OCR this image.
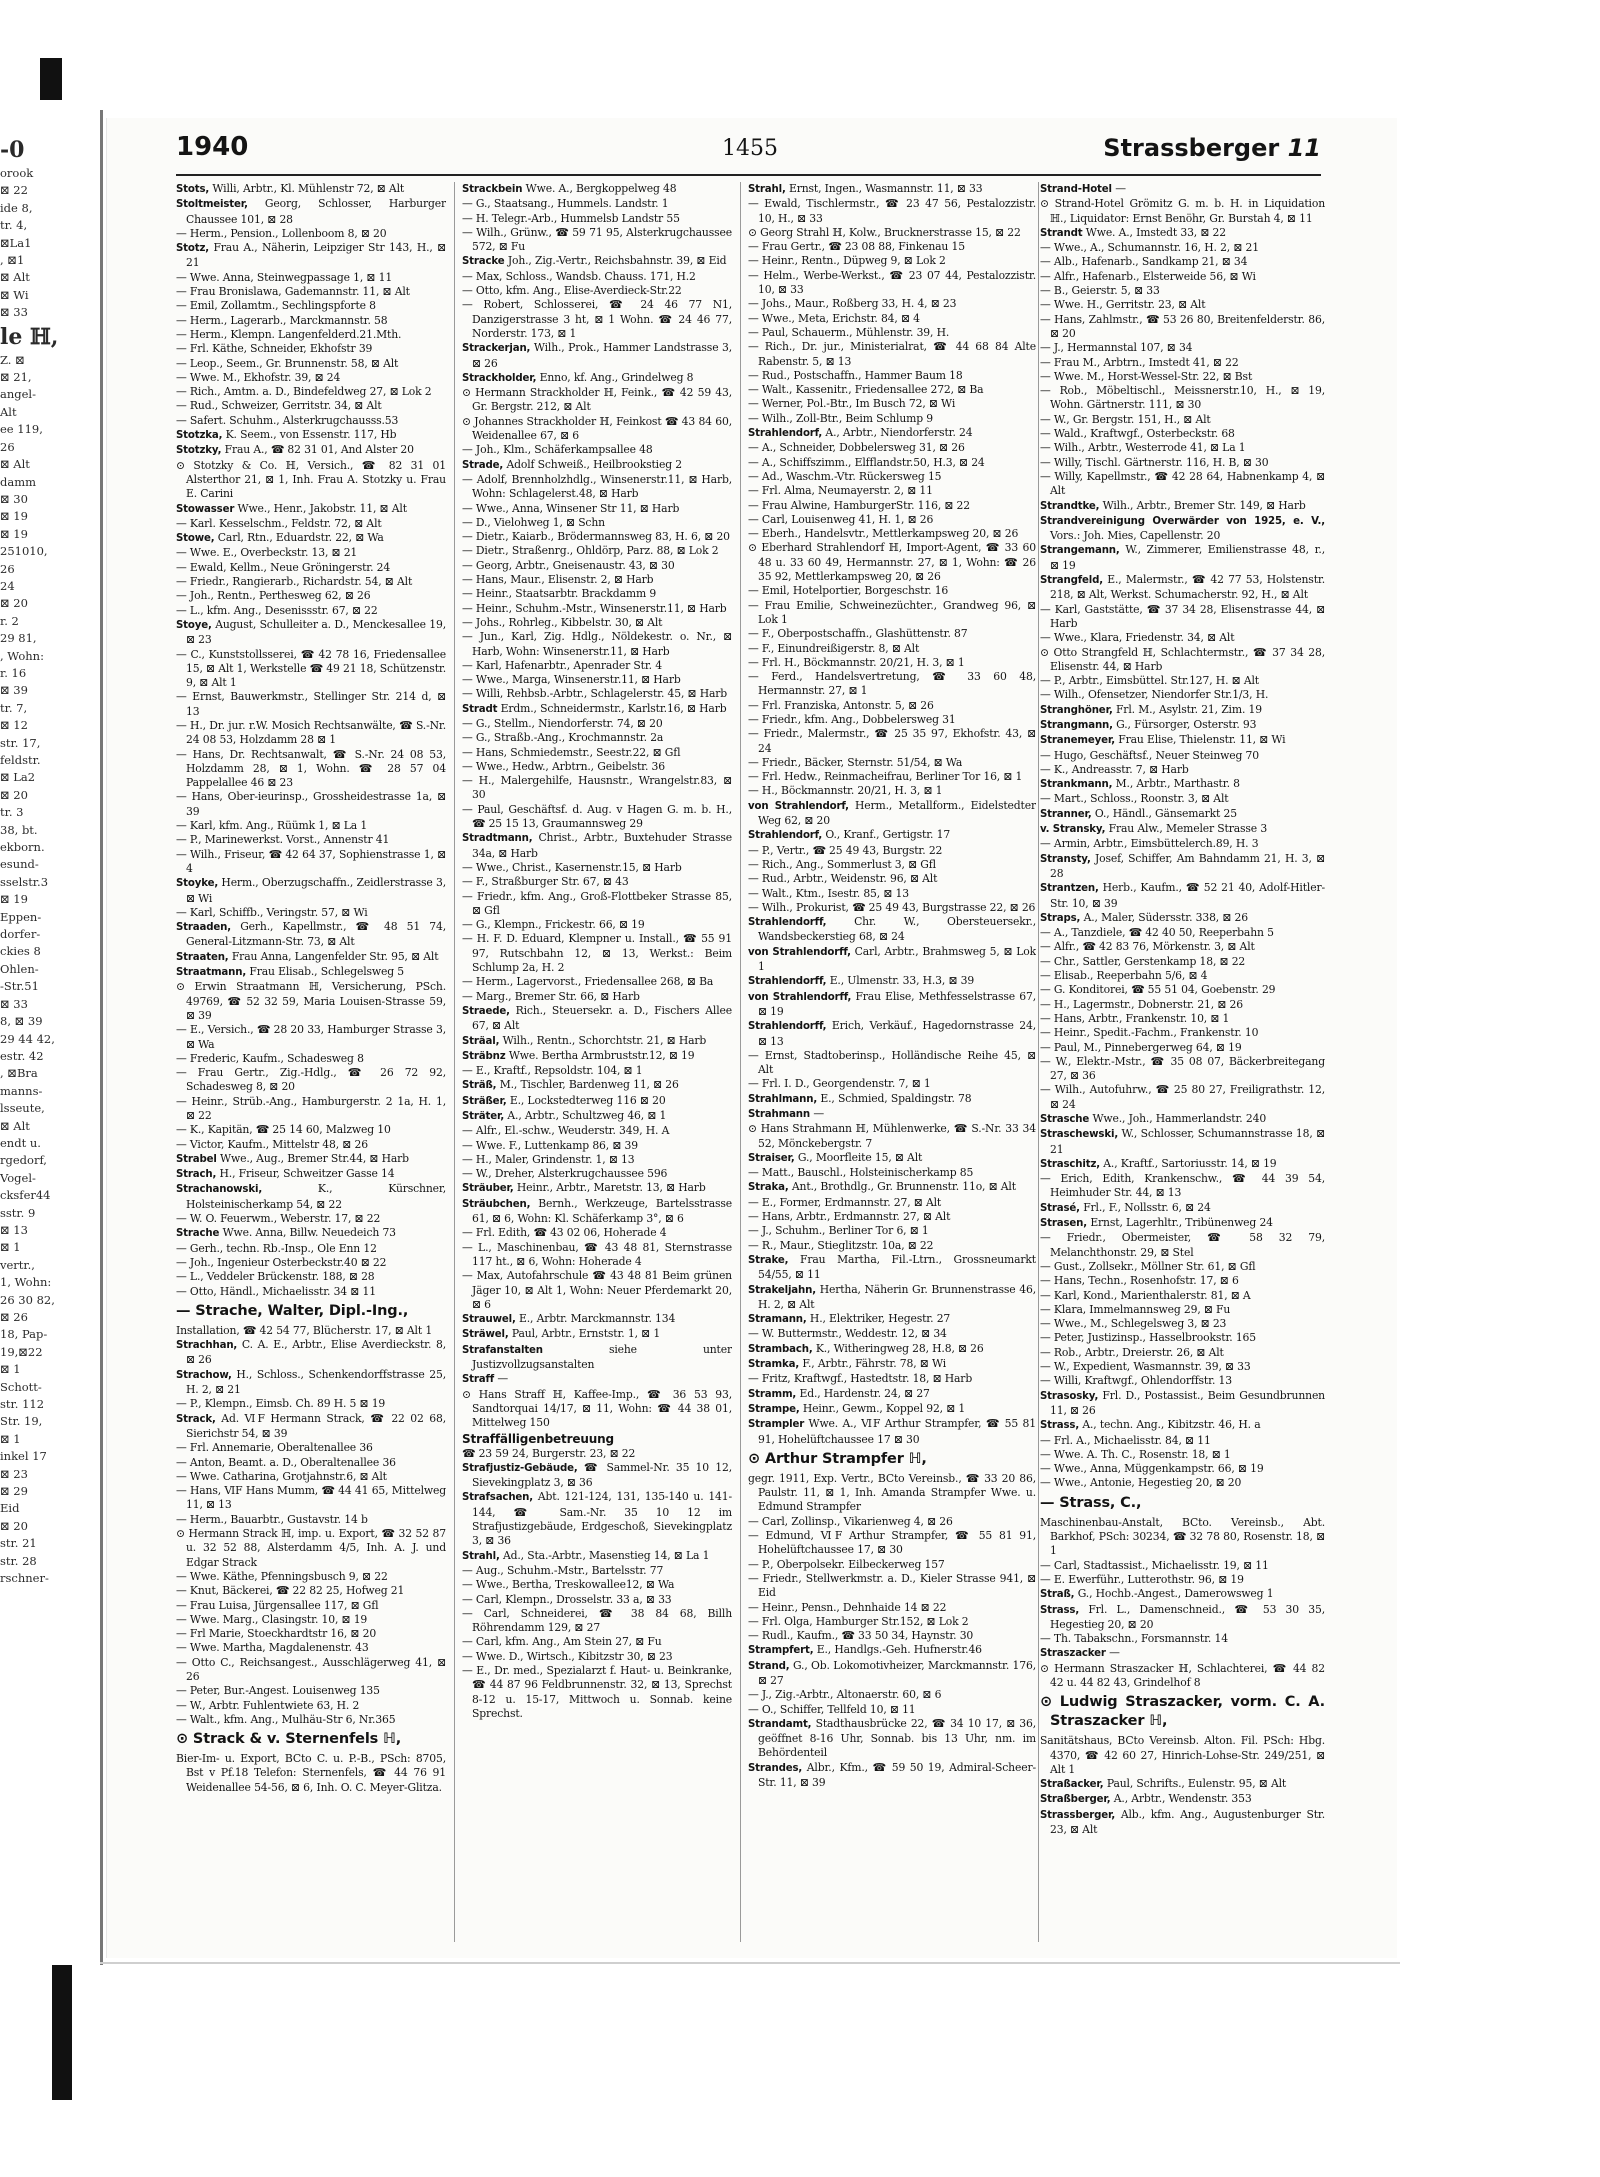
-0
orook
⊠ 22
ide 8,
tr. 4,
⊠La1
, ⊠1
⊠ Alt
⊠ Wi
⊠ 33
le ℍ,
Z. ⊠
⊠ 21,
angel-
Alt
ee 119,
26
⊠ Alt
damm
⊠ 30
⊠ 19
⊠ 19
251010,
26
24
⊠ 20
r. 2
29 81,
, Wohn:
r. 16
⊠ 39
tr. 7,
⊠ 12
str. 17,
feldstr.
⊠ La2
⊠ 20
tr. 3
38, bt.
ekborn.
esund-
sselstr.3
⊠ 19
Eppen-
dorfer-
ckies 8
Ohlen-
-Str.51
⊠ 33
8, ⊠ 39
29 44 42,
estr. 42
, ⊠Bra
manns-
lsseute,
⊠ Alt
endt u.
rgedorf,
Vogel-
cksfer44
sstr. 9
⊠ 13
⊠ 1
vertr.,
1, Wohn:
26 30 82,
⊠ 26
18, Pap-
19,⊠22
⊠ 1
Schott-
str. 112
Str. 19,
⊠ 1
inkel 17
⊠ 23
⊠ 29
Eid
⊠ 20
str. 21
str. 28
rschner-
1940	1455	Strassberger 11

Stots, Willi, Arbtr., Kl. Mühlenstr 72, ⊠ Alt

Stoltmeister, Georg, Schlosser, Harburger Chaussee 101, ⊠ 28

— Herm., Pension., Lollenboom 8, ⊠ 20

Stotz, Frau A., Näherin, Leipziger Str 143, H., ⊠ 21

— Wwe. Anna, Steinwegpassage 1, ⊠ 11

— Frau Bronislawa, Gademannstr. 11, ⊠ Alt

— Emil, Zollamtm., Sechlingspforte 8

— Herm., Lagerarb., Marckmannstr. 58

— Herm., Klempn. Langenfelderd.21.Mth.

— Frl. Käthe, Schneider, Ekhofstr 39

— Leop., Seem., Gr. Brunnenstr. 58, ⊠ Alt

— Wwe. M., Ekhofstr. 39, ⊠ 24

— Rich., Amtm. a. D., Bindefeldweg 27, ⊠ Lok 2

— Rud., Schweizer, Gerritstr. 34, ⊠ Alt

— Safert. Schuhm., Alsterkrugchausss.53

Stotzka, K. Seem., von Essenstr. 117, Hb

Stotzky, Frau A., ☎ 82 31 01, And Alster 20

⊙ Stotzky & Co. ℍ, Versich., ☎ 82 31 01 Alsterthor 21, ⊠ 1, Inh. Frau A. Stotzky u. Frau E. Carini

Stowasser Wwe., Henr., Jakobstr. 11, ⊠ Alt

— Karl. Kesselschm., Feldstr. 72, ⊠ Alt

Stowe, Carl, Rtn., Eduardstr. 22, ⊠ Wa

— Wwe. E., Overbeckstr. 13, ⊠ 21

— Ewald, Kellm., Neue Gröningerstr. 24

— Friedr., Rangierarb., Richardstr. 54, ⊠ Alt

— Joh., Rentn., Perthesweg 62, ⊠ 26

— L., kfm. Ang., Desenissstr. 67, ⊠ 22

Stoye, August, Schulleiter a. D., Menckesallee 19, ⊠ 23

— C., Kunststollsserei, ☎ 42 78 16, Friedensallee 15, ⊠ Alt 1, Werkstelle ☎ 49 21 18, Schützenstr. 9, ⊠ Alt 1

— Ernst, Bauwerkmstr., Stellinger Str. 214 d, ⊠ 13

— H., Dr. jur. r.W. Mosich Rechtsanwälte, ☎ S.-Nr. 24 08 53, Holzdamm 28 ⊠ 1

— Hans, Dr. Rechtsanwalt, ☎ S.-Nr. 24 08 53, Holzdamm 28, ⊠ 1, Wohn. ☎ 28 57 04 Pappelallee 46 ⊠ 23

— Hans, Ober-ieurinsp., Grossheidestrasse 1a, ⊠ 39

— Karl, kfm. Ang., Rüümk 1, ⊠ La 1

— P., Marinewerkst. Vorst., Annenstr 41

— Wilh., Friseur, ☎ 42 64 37, Sophienstrasse 1, ⊠ 4

Stoyke, Herm., Oberzugschaffn., Zeidlerstrasse 3, ⊠ Wi

— Karl, Schiffb., Veringstr. 57, ⊠ Wi

Straaden, Gerh., Kapellmstr., ☎ 48 51 74, General-Litzmann-Str. 73, ⊠ Alt

Straaten, Frau Anna, Langenfelder Str. 95, ⊠ Alt

Straatmann, Frau Elisab., Schlegelsweg 5

⊙ Erwin Straatmann ℍ, Versicherung, PSch. 49769, ☎ 52 32 59, Maria Louisen-Strasse 59, ⊠ 39

— E., Versich., ☎ 28 20 33, Hamburger Strasse 3, ⊠ Wa

— Frederic, Kaufm., Schadesweg 8

— Frau Gertr., Zig.-Hdlg., ☎ 26 72 92, Schadesweg 8, ⊠ 20

— Heinr., Strüb.-Ang., Hamburgerstr. 2 1a, H. 1, ⊠ 22

— K., Kapitän, ☎ 25 14 60, Malzweg 10

— Victor, Kaufm., Mittelstr 48, ⊠ 26

Strabel Wwe., Aug., Bremer Str.44, ⊠ Harb

Strach, H., Friseur, Schweitzer Gasse 14

Strachanowski,	K., Kürschner, Holsteinischerkamp 54, ⊠ 22

— W. O. Feuerwm., Weberstr. 17, ⊠ 22

Strache Wwe. Anna, Billw. Neuedeich 73

— Gerh., techn. Rb.-Insp., Ole Enn 12

— Joh., Ingenieur Osterbeckstr.40 ⊠ 22

— L., Veddeler Brückenstr. 188, ⊠ 28

— Otto, Händl., Michaelisstr. 34 ⊠ 11

— Strache, Walter, Dipl.-Ing.,

Installation, ☎ 42 54 77, Blücherstr. 17, ⊠ Alt 1

Strachhan, C. A. E., Arbtr., Elise Averdieckstr. 8, ⊠ 26

Strachow, H., Schloss., Schenkendorffstrasse 25, H. 2, ⊠ 21

— P., Klempn., Eimsb. Ch. 89 H. 5 ⊠ 19

Strack, Ad. ⅥF Hermann Strack, ☎ 22 02 68, Sierichstr 54, ⊠ 39

— Frl. Annemarie, Oberaltenallee 36

— Anton, Beamt. a. D., Oberaltenallee 36

— Wwe. Catharina, Grotjahnstr.6, ⊠ Alt

— Hans, ⅥF Hans Mumm, ☎ 44 41 65, Mittelweg 11, ⊠ 13

— Herm., Bauarbtr., Gustavstr. 14 b

⊙ Hermann Strack ℍ, imp. u. Export, ☎ 32 52 87 u. 32 52 88, Alsterdamm 4/5, Inh. A. J. und Edgar Strack

— Wwe. Käthe, Pfenningsbusch 9, ⊠ 22

— Knut, Bäckerei, ☎ 22 82 25, Hofweg 21

— Frau Luisa, Jürgensallee 117, ⊠ Gfl

— Wwe. Marg., Clasingstr. 10, ⊠ 19

— Frl Marie, Stoeckhardtstr 16, ⊠ 20

— Wwe. Martha, Magdalenenstr. 43

— Otto C., Reichsangest., Ausschlägerweg 41, ⊠ 26

— Peter, Bur.-Angest. Louisenweg 135

— W., Arbtr. Fuhlentwiete 63, H. 2

— Walt., kfm. Ang., Mulhäu-Str 6, Nr.365

⊙ Strack & v. Sternenfels ℍ,

Bier-Im- u. Export, BCto C. u. P.-B., PSch: 8705, Bst v Pf.18 Telefon: Sternenfels, ☎ 44 76 91 Weidenallee 54-56, ⊠ 6, Inh. O. C. Meyer-Glitza.

Strackbein Wwe. A., Bergkoppelweg 48

— G., Staatsang., Hummels. Landstr. 1

— H. Telegr.-Arb., Hummelsb Landstr 55

— Wilh., Grünw., ☎ 59 71 95, Alsterkrugchaussee 572, ⊠ Fu

Stracke Joh., Zig.-Vertr., Reichsbahnstr. 39, ⊠ Eid

— Max, Schloss., Wandsb. Chauss. 171, H.2

— Otto, kfm. Ang., Elise-Averdieck-Str.22

— Robert, Schlosserei, ☎ 24 46 77 N1, Danzigerstrasse 3 ht, ⊠ 1 Wohn. ☎ 24 46 77, Norderstr. 173, ⊠ 1

Strackerjan, Wilh., Prok., Hammer Landstrasse 3, ⊠ 26

Strackholder, Enno, kf. Ang., Grindelweg 8

⊙ Hermann Strackholder ℍ, Feink., ☎ 42 59 43, Gr. Bergstr. 212, ⊠ Alt

⊙ Johannes Strackholder ℍ, Feinkost ☎ 43 84 60, Weidenallee 67, ⊠ 6

— Joh., Klm., Schäferkampsallee 48

Strade, Adolf Schweiß., Heilbrookstieg 2

— Adolf, Brennholzhdlg., Winsenerstr.11, ⊠ Harb, Wohn: Schlagelerst.48, ⊠ Harb

— Wwe., Anna, Winsener Str 11, ⊠ Harb

— D., Vielohweg 1, ⊠ Schn

— Dietr., Kaiarb., Brödermannsweg 83, H. 6, ⊠ 20

— Dietr., Straßenrg., Ohldörp, Parz. 88, ⊠ Lok 2

— Georg, Arbtr., Gneisenaustr. 43, ⊠ 30

— Hans, Maur., Elisenstr. 2, ⊠ Harb

— Heinr., Staatsarbtr. Brackdamm 9

— Heinr., Schuhm.-Mstr., Winsenerstr.11, ⊠ Harb

— Johs., Rohrleg., Kibbelstr. 30, ⊠ Alt

— Jun., Karl, Zig. Hdlg., Nöldekestr. o. Nr., ⊠ Harb, Wohn: Winsenerstr.11, ⊠ Harb

— Karl, Hafenarbtr., Apenrader Str. 4

— Wwe., Marga, Winsenerstr.11, ⊠ Harb

— Willi, Rehbsb.-Arbtr., Schlagelerstr. 45, ⊠ Harb

Stradt Erdm., Schneidermstr., Karlstr.16, ⊠ Harb

— G., Stellm., Niendorferstr. 74, ⊠ 20

— G., Straßb.-Ang., Krochmannstr. 2a

— Hans, Schmiedemstr., Seestr.22, ⊠ Gfl

— Wwe., Hedw., Arbtrn., Geibelstr. 36

— H., Malergehilfe, Hausnstr., Wrangelstr.83, ⊠ 30

— Paul, Geschäftsf. d. Aug. v Hagen G. m. b. H., ☎ 25 15 13, Graumannsweg 29

Stradtmann, Christ., Arbtr., Buxtehuder Strasse 34a, ⊠ Harb

— Wwe., Christ., Kasernenstr.15, ⊠ Harb

— F., Straßburger Str. 67, ⊠ 43

— Friedr., kfm. Ang., Groß-Flottbeker Strasse 85, ⊠ Gfl

— G., Klempn., Frickestr. 66, ⊠ 19

— H. F. D. Eduard, Klempner u. Install., ☎ 55 91 97, Rutschbahn 12, ⊠ 13, Werkst.: Beim Schlump 2a, H. 2

— Herm., Lagervorst., Friedensallee 268, ⊠ Ba

— Marg., Bremer Str. 66, ⊠ Harb

Straede, Rich., Steuersekr. a. D., Fischers Allee 67, ⊠ Alt

Sträal, Wilh., Rentn., Schorchtstr. 21, ⊠ Harb

Sträbnz Wwe. Bertha Armbruststr.12, ⊠ 19

— E., Kraftf., Repsoldstr. 104, ⊠ 1

Sträß, M., Tischler, Bardenweg 11, ⊠ 26

Sträßer, E., Lockstedterweg 116 ⊠ 20

Sträter, A., Arbtr., Schultzweg 46, ⊠ 1

— Alfr., El.-schw., Weuderstr. 349, H. A

— Wwe. F., Luttenkamp 86, ⊠ 39

— H., Maler, Grindenstr. 1, ⊠ 13

— W., Dreher, Alsterkrugchaussee 596

Sträuber, Heinr., Arbtr., Maretstr. 13, ⊠ Harb

Sträubchen, Bernh., Werkzeuge, Bartelsstrasse 61, ⊠ 6, Wohn: Kl. Schäferkamp 3°, ⊠ 6

— Frl. Edith, ☎ 43 02 06, Hoherade 4

— L., Maschinenbau, ☎ 43 48 81, Sternstrasse 117 ht., ⊠ 6, Wohn: Hoherade 4

— Max, Autofahrschule ☎ 43 48 81 Beim grünen Jäger 10, ⊠ Alt 1, Wohn: Neuer Pferdemarkt 20, ⊠ 6

Strauwel, E., Arbtr. Marckmannstr. 134

Sträwel, Paul, Arbtr., Ernststr. 1, ⊠ 1

Strafanstalten	siehe unter Justizvollzugsanstalten

Straff —

⊙ Hans Straff ℍ, Kaffee-Imp., ☎ 36 53 93, Sandtorquai 14/17, ⊠ 11, Wohn: ☎ 44 38 01, Mittelweg 150

Straffälligenbetreuung

☎ 23 59 24, Burgerstr. 23, ⊠ 22

Strafjustiz-Gebäude, ☎ Sammel-Nr. 35 10 12, Sievekingplatz 3, ⊠ 36

Strafsachen, Abt. 121-124, 131, 135-140 u. 141-144, ☎ Sam.-Nr. 35 10 12 im Strafjustizgebäude, Erdgeschoß, Sievekingplatz 3, ⊠ 36

Strahl, Ad., Sta.-Arbtr., Masenstieg 14, ⊠ La 1

— Aug., Schuhm.-Mstr., Bartelsstr. 77

— Wwe., Bertha, Treskowallee12, ⊠ Wa

— Carl, Klempn., Drosselstr. 33 a, ⊠ 33

— Carl, Schneiderei, ☎ 38 84 68, Billh Röhrendamm 129, ⊠ 27

— Carl, kfm. Ang., Am Stein 27, ⊠ Fu

— Wwe. D., Wirtsch., Kibitzstr 30, ⊠ 23

— E., Dr. med., Spezialarzt f. Haut- u. Beinkranke, ☎ 44 87 96 Feldbrunnenstr. 32, ⊠ 13, Sprechst 8-12 u. 15-17, Mittwoch u. Sonnab. keine Sprechst.

Strahl, Ernst, Ingen., Wasmannstr. 11, ⊠ 33

— Ewald, Tischlermstr., ☎ 23 47 56, Pestalozzistr. 10, H., ⊠ 33

⊙ Georg Strahl ℍ, Kolw., Brucknerstrasse 15, ⊠ 22

— Frau Gertr., ☎ 23 08 88, Finkenau 15

— Heinr., Rentn., Düpweg 9, ⊠ Lok 2

— Helm., Werbe-Werkst., ☎ 23 07 44, Pestalozzistr. 10, ⊠ 33

— Johs., Maur., Roßberg 33, H. 4, ⊠ 23

— Wwe., Meta, Erichstr. 84, ⊠ 4

— Paul, Schauerm., Mühlenstr. 39, H.

— Rich., Dr. jur., Ministerialrat, ☎ 44 68 84 Alte Rabenstr. 5, ⊠ 13

— Rud., Postschaffn., Hammer Baum 18

— Walt., Kassenitr., Friedensallee 272, ⊠ Ba

— Werner, Pol.-Btr., Im Busch 72, ⊠ Wi

— Wilh., Zoll-Btr., Beim Schlump 9

Strahlendorf, A., Arbtr., Niendorferstr. 24

— A., Schneider, Dobbelersweg 31, ⊠ 26

— A., Schiffszimm., Elfflandstr.50, H.3, ⊠ 24

— Ad., Waschm.-Vtr. Rückersweg 15

— Frl. Alma, Neumayerstr. 2, ⊠ 11

— Frau Alwine, HamburgerStr. 116, ⊠ 22

— Carl, Louisenweg 41, H. 1, ⊠ 26

— Eberh., Handelsvtr., Mettlerkampsweg 20, ⊠ 26

⊙ Eberhard Strahlendorf ℍ, Import-Agent, ☎ 33 60 48 u. 33 60 49, Hermannstr. 27, ⊠ 1, Wohn: ☎ 26 35 92, Mettlerkampsweg 20, ⊠ 26

— Emil, Hotelportier, Borgeschstr. 16

— Frau Emilie, Schweinezüchter., Grandweg 96, ⊠ Lok 1

— F., Oberpostschaffn., Glashüttenstr. 87

— F., Einundreißigerstr. 8, ⊠ Alt

— Frl. H., Böckmannstr. 20/21, H. 3, ⊠ 1

— Ferd., Handelsvertretung, ☎ 33 60 48, Hermannstr. 27, ⊠ 1

— Frl. Franziska, Antonstr. 5, ⊠ 26

— Friedr., kfm. Ang., Dobbelersweg 31

— Friedr., Malermstr., ☎ 25 35 97, Ekhofstr. 43, ⊠ 24

— Friedr., Bäcker, Sternstr. 51/54, ⊠ Wa

— Frl. Hedw., Reinmacheifrau, Berliner Tor 16, ⊠ 1

— H., Böckmannstr. 20/21, H. 3, ⊠ 1

von Strahlendorf, Herm., Metallform., Eidelstedter Weg 62, ⊠ 20

Strahlendorf, O., Kranf., Gertigstr. 17

— P., Vertr., ☎ 25 49 43, Burgstr. 22

— Rich., Ang., Sommerlust 3, ⊠ Gfl

— Rud., Arbtr., Weidenstr. 96, ⊠ Alt

— Walt., Ktm., Isestr. 85, ⊠ 13

— Wilh., Prokurist, ☎ 25 49 43, Burgstrasse 22, ⊠ 26

Strahlendorff,	Chr. W., Obersteuersekr., Wandsbeckerstieg 68, ⊠ 24

von Strahlendorff, Carl, Arbtr., Brahmsweg 5, ⊠ Lok 1

Strahlendorff, E., Ulmenstr. 33, H.3, ⊠ 39

von Strahlendorff, Frau Elise, Methfesselstrasse 67, ⊠ 19

Strahlendorff, Erich, Verkäuf., Hagedornstrasse 24, ⊠ 13

— Ernst, Stadtoberinsp., Holländische Reihe 45, ⊠ Alt

— Frl. I. D., Georgendenstr. 7, ⊠ 1

Strahlmann, E., Schmied, Spaldingstr. 78

Strahmann —

⊙ Hans Strahmann ℍ, Mühlenwerke, ☎ S.-Nr. 33 34 52, Mönckebergstr. 7

Straiser, G., Moorfleite 15, ⊠ Alt

— Matt., Bauschl., Holsteinischerkamp 85

Straka, Ant., Brothdlg., Gr. Brunnenstr. 11o, ⊠ Alt

— E., Former, Erdmannstr. 27, ⊠ Alt

— Hans, Arbtr., Erdmannstr. 27, ⊠ Alt

— J., Schuhm., Berliner Tor 6, ⊠ 1

— R., Maur., Stieglitzstr. 10a, ⊠ 22

Strake, Frau Martha, Fil.-Ltrn., Grossneumarkt 54/55, ⊠ 11

Strakeljahn, Hertha, Näherin Gr. Brunnenstrasse 46, H. 2, ⊠ Alt

Stramann, H., Elektriker, Hegestr. 27

— W. Buttermstr., Weddestr. 12, ⊠ 34

Strambach, K., Witheringweg 28, H.8, ⊠ 26

Stramka, F., Arbtr., Fährstr. 78, ⊠ Wi

— Fritz, Kraftwgf., Hastedtstr. 18, ⊠ Harb

Stramm, Ed., Hardenstr. 24, ⊠ 27

Strampe, Heinr., Gewm., Koppel 92, ⊠ 1

Strampler Wwe. A., ⅥF Arthur Strampfer, ☎ 55 81 91, Hohelüftchaussee 17 ⊠ 30

⊙ Arthur Strampfer ℍ,

gegr. 1911, Exp. Vertr., BCto Vereinsb., ☎ 33 20 86, Paulstr. 11, ⊠ 1, Inh. Amanda Strampfer Wwe. u. Edmund Strampfer

— Carl, Zollinsp., Vikarienweg 4, ⊠ 26

— Edmund, ⅥF Arthur Strampfer, ☎ 55 81 91, Hohelüftchaussee 17, ⊠ 30

— P., Oberpolsekr. Eilbeckerweg 157

— Friedr., Stellwerkmstr. a. D., Kieler Strasse 941, ⊠ Eid

— Heinr., Pensn., Dehnhaide 14 ⊠ 22

— Frl. Olga, Hamburger Str.152, ⊠ Lok 2

— Rudl., Kaufm., ☎ 33 50 34, Haynstr. 30

Strampfert, E., Handlgs.-Geh. Hufnerstr.46

Strand, G., Ob. Lokomotivheizer, Marckmannstr. 176, ⊠ 27

— J., Zig.-Arbtr., Altonaerstr. 60, ⊠ 6

— O., Schiffer, Tellfeld 10, ⊠ 11

Strandamt, Stadthausbrücke 22, ☎ 34 10 17, ⊠ 36, geöffnet 8-16 Uhr, Sonnab. bis 13 Uhr, nm. im Behördenteil

Strandes, Albr., Kfm., ☎ 59 50 19, Admiral-Scheer-Str. 11, ⊠ 39

Strand-Hotel —

⊙ Strand-Hotel Grömitz G. m. b. H. in Liquidation ℍ., Liquidator: Ernst Benöhr, Gr. Burstah 4, ⊠ 11

Strandt Wwe. A., Imstedt 33, ⊠ 22

— Wwe., A., Schumannstr. 16, H. 2, ⊠ 21

— Alb., Hafenarb., Sandkamp 21, ⊠ 34

— Alfr., Hafenarb., Elsterweide 56, ⊠ Wi

— B., Geierstr. 5, ⊠ 33

— Wwe. H., Gerritstr. 23, ⊠ Alt

— Hans, Zahlmstr., ☎ 53 26 80, Breitenfelderstr. 86, ⊠ 20

— J., Hermannstal 107, ⊠ 34

— Frau M., Arbtrn., Imstedt 41, ⊠ 22

— Wwe. M., Horst-Wessel-Str. 22, ⊠ Bst

— Rob., Möbeltischl., Meissnerstr.10, H., ⊠ 19, Wohn. Gärtnerstr. 111, ⊠ 30

— W., Gr. Bergstr. 151, H., ⊠ Alt

— Wald., Kraftwgf., Osterbeckstr. 68

— Wilh., Arbtr., Westerrode 41, ⊠ La 1

— Willy, Tischl. Gärtnerstr. 116, H. B, ⊠ 30

— Willy, Kapellmstr., ☎ 42 28 64, Habnenkamp 4, ⊠ Alt

Strandtke, Wilh., Arbtr., Bremer Str. 149, ⊠ Harb

Strandvereinigung Overwärder von 1925, e. V., Vors.: Joh. Mies, Capellenstr. 20

Strangemann, W., Zimmerer, Emilienstrasse 48, r., ⊠ 19

Strangfeld, E., Malermstr., ☎ 42 77 53, Holstenstr. 218, ⊠ Alt, Werkst. Schumacherstr. 92, H., ⊠ Alt

— Karl, Gaststätte, ☎ 37 34 28, Elisenstrasse 44, ⊠ Harb

— Wwe., Klara, Friedenstr. 34, ⊠ Alt

⊙ Otto Strangfeld ℍ, Schlachtermstr., ☎ 37 34 28, Elisenstr. 44, ⊠ Harb

— P., Arbtr., Eimsbüttel. Str.127, H. ⊠ Alt

— Wilh., Ofensetzer, Niendorfer Str.1/3, H.

Stranghöner, Frl. M., Asylstr. 21, Zim. 19

Strangmann, G., Fürsorger, Osterstr. 93

Stranemeyer, Frau Elise, Thielenstr. 11, ⊠ Wi

— Hugo, Geschäftsf., Neuer Steinweg 70

— K., Andreasstr. 7, ⊠ Harb

Strankmann, M., Arbtr., Marthastr. 8

— Mart., Schloss., Roonstr. 3, ⊠ Alt

Stranner, O., Händl., Gänsemarkt 25

v. Stransky, Frau Alw., Memeler Strasse 3

— Armin, Arbtr., Eimsbüttelerch.89, H. 3

Stransty, Josef, Schiffer, Am Bahndamm 21, H. 3, ⊠ 28

Strantzen, Herb., Kaufm., ☎ 52 21 40, Adolf-Hitler-Str. 10, ⊠ 39

Straps, A., Maler, Südersstr. 338, ⊠ 26

— A., Tanzdiele, ☎ 42 40 50, Reeperbahn 5

— Alfr., ☎ 42 83 76, Mörkenstr. 3, ⊠ Alt

— Chr., Sattler, Gerstenkamp 18, ⊠ 22

— Elisab., Reeperbahn 5/6, ⊠ 4

— G. Konditorei, ☎ 55 51 04, Goebenstr. 29

— H., Lagermstr., Dobnerstr. 21, ⊠ 26

— Hans, Arbtr., Frankenstr. 10, ⊠ 1

— Heinr., Spedit.-Fachm., Frankenstr. 10

— Paul, M., Pinnebergerweg 64, ⊠ 19

— W., Elektr.-Mstr., ☎ 35 08 07, Bäckerbreitegang 27, ⊠ 36

— Wilh., Autofuhrw., ☎ 25 80 27, Freiligrathstr. 12, ⊠ 24

Strasche Wwe., Joh., Hammerlandstr. 240

Straschewski, W., Schlosser, Schumannstrasse 18, ⊠ 21

Straschitz, A., Kraftf., Sartoriusstr. 14, ⊠ 19

— Erich, Edith, Krankenschw., ☎ 44 39 54, Heimhuder Str. 44, ⊠ 13

Strasé, Frl., F., Nollsstr. 6, ⊠ 24

Strasen, Ernst, Lagerhltr., Tribünenweg 24

— Friedr., Obermeister, ☎ 58 32 79, Melanchthonstr. 29, ⊠ Stel

— Gust., Zollsekr., Möllner Str. 61, ⊠ Gfl

— Hans, Techn., Rosenhofstr. 17, ⊠ 6

— Karl, Kond., Marienthalerstr. 81, ⊠ A

— Klara, Immelmannsweg 29, ⊠ Fu

— Wwe., M., Schlegelsweg 3, ⊠ 23

— Peter, Justizinsp., Hasselbrookstr. 165

— Rob., Arbtr., Dreierstr. 26, ⊠ Alt

— W., Expedient, Wasmannstr. 39, ⊠ 33

— Willi, Kraftwgf., Ohlendorffstr. 13

Strasosky, Frl. D., Postassist., Beim Gesundbrunnen 11, ⊠ 26

Strass, A., techn. Ang., Kibitzstr. 46, H. a

— Frl. A., Michaelisstr. 84, ⊠ 11

— Wwe. A. Th. C., Rosenstr. 18, ⊠ 1

— Wwe., Anna, Müggenkampstr. 66, ⊠ 19

— Wwe., Antonie, Hegestieg 20, ⊠ 20

— Strass, C.,

Maschinenbau-Anstalt, BCto. Vereinsb., Abt. Barkhof, PSch: 30234, ☎ 32 78 80, Rosenstr. 18, ⊠ 1

— Carl, Stadtassist., Michaelisstr. 19, ⊠ 11

— E. Ewerführ., Lutterothstr. 96, ⊠ 19

Straß, G., Hochb.-Angest., Damerowsweg 1

Strass, Frl. L., Damenschneid., ☎ 53 30 35, Hegestieg 20, ⊠ 20

— Th. Tabakschn., Forsmannstr. 14

Straszacker —

⊙ Hermann Straszacker ℍ, Schlachterei, ☎ 44 82 42 u. 44 82 43, Grindelhof 8

⊙ Ludwig Straszacker, vorm. C. A. Straszacker ℍ,

Sanitätshaus, BCto Vereinsb. Alton. Fil. PSch: Hbg. 4370, ☎ 42 60 27, Hinrich-Lohse-Str. 249/251, ⊠ Alt 1

Straßacker, Paul, Schrifts., Eulenstr. 95, ⊠ Alt

Straßberger, A., Arbtr., Wendenstr. 353

Strassberger, Alb., kfm. Ang., Augustenburger Str. 23, ⊠ Alt
